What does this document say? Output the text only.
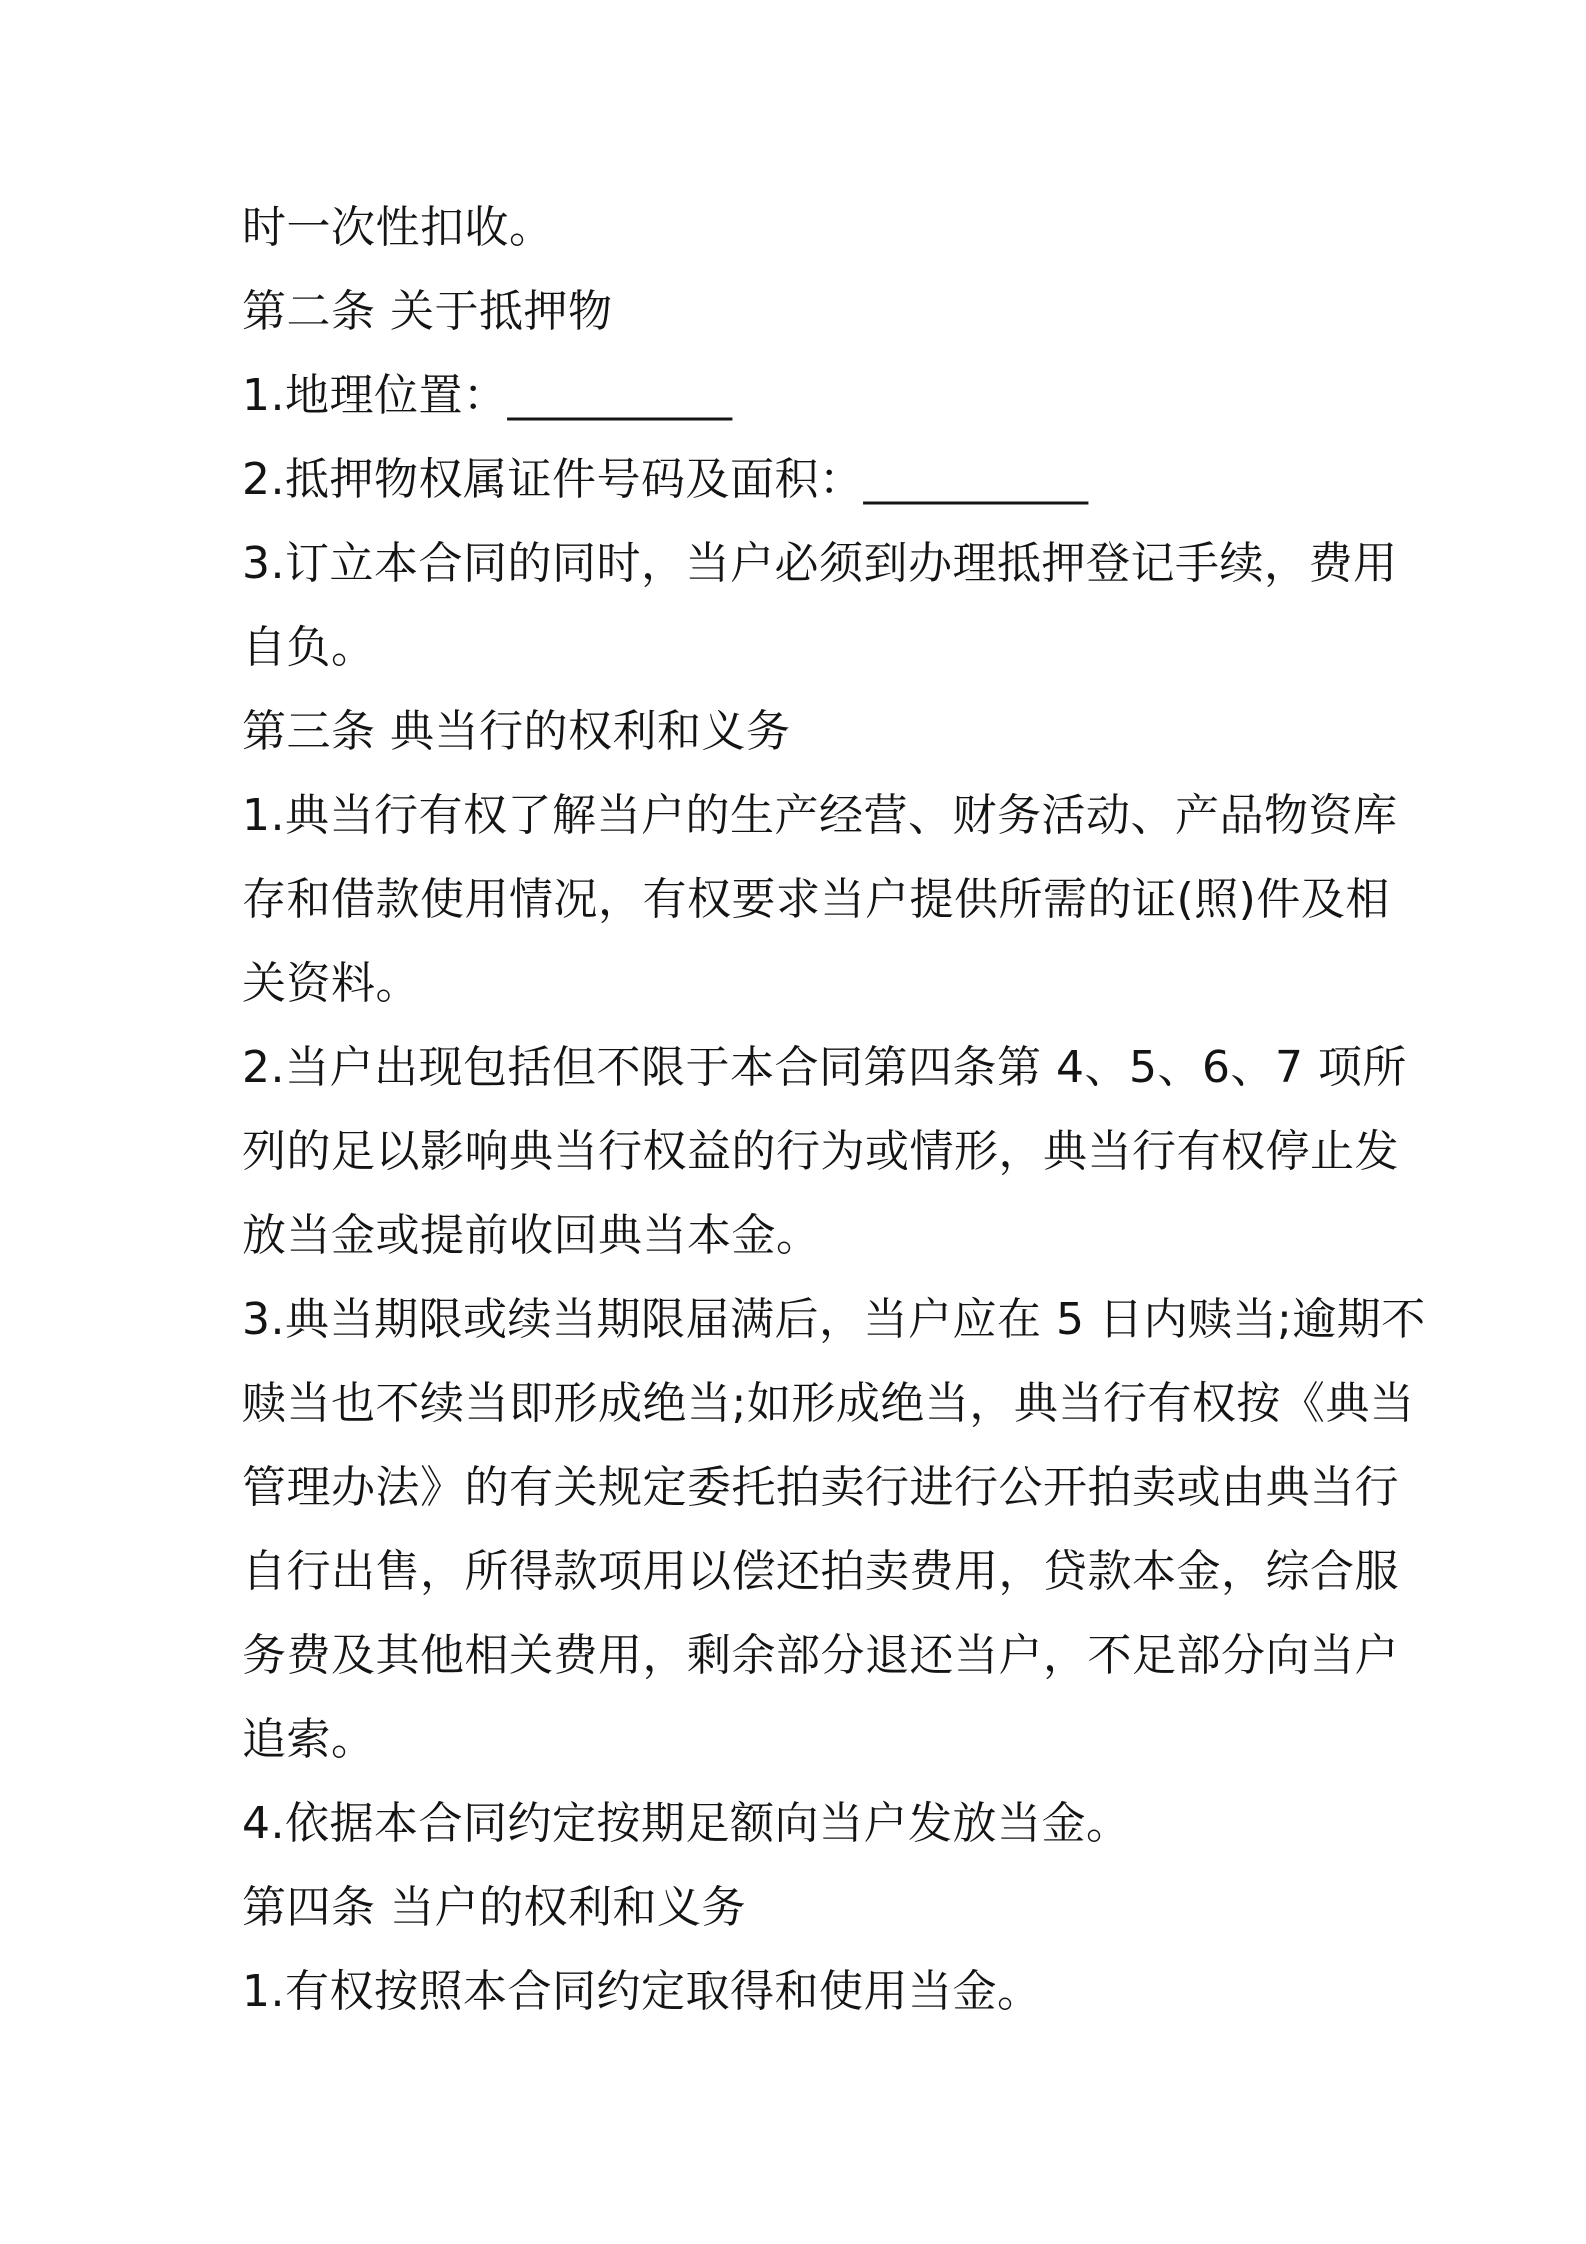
时一次性扣收。
第二条 关于抵押物
1.地理位置：__________
2.抵押物权属证件号码及面积：__________
3.订立本合同的同时，当户必须到办理抵押登记手续，费用
自负。
第三条 典当行的权利和义务
1.典当行有权了解当户的生产经营、财务活动、产品物资库
存和借款使用情况，有权要求当户提供所需的证(照)件及相
关资料。
2.当户出现包括但不限于本合同第四条第 4、5、6、7 项所
列的足以影响典当行权益的行为或情形，典当行有权停止发
放当金或提前收回典当本金。
3.典当期限或续当期限届满后，当户应在 5 日内赎当;逾期不
赎当也不续当即形成绝当;如形成绝当，典当行有权按《典当
管理办法》的有关规定委托拍卖行进行公开拍卖或由典当行
自行出售，所得款项用以偿还拍卖费用，贷款本金，综合服
务费及其他相关费用，剩余部分退还当户，不足部分向当户
追索。
4.依据本合同约定按期足额向当户发放当金。
第四条 当户的权利和义务
1.有权按照本合同约定取得和使用当金。
